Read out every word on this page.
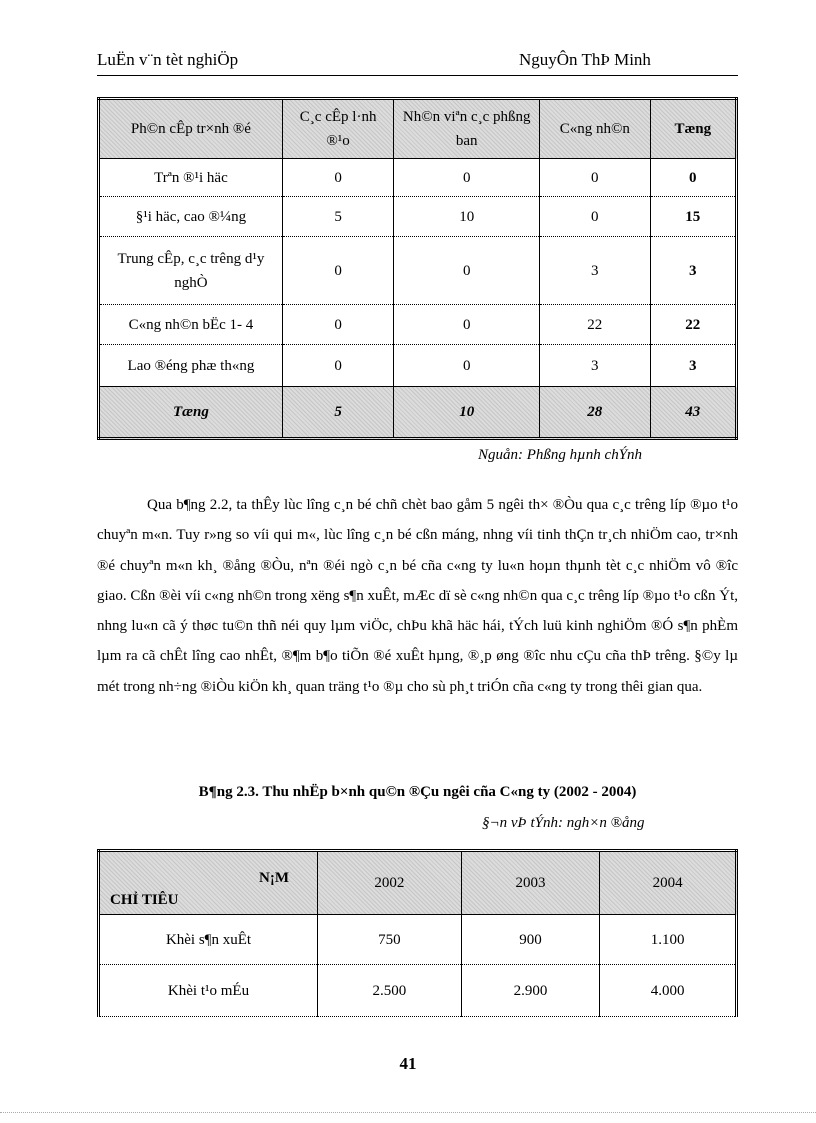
LuËn v¨n tèt nghiÖp	NguyÔn ThÞ Minh
Ph©n cÊp tr×nh ®é	C¸c cÊp l·nh ®¹o	Nh©n viªn c¸c phßng ban	C«ng nh©n	Tæng
Trªn ®¹i häc	0	0	0	0
§¹i häc, cao ®¼ng	5	10	0	15
Trung cÊp, c¸c trêng d¹y nghÒ	0	0	3	3
C«ng nh©n bËc 1- 4	0	0	22	22
Lao ®éng phæ th«ng	0	0	3	3
Tæng	5	10	28	43
Nguån: Phßng hµnh chÝnh

Qua b¶ng 2.2, ta thÊy lùc lîng c¸n bé chñ chèt bao gåm 5 ngêi th× ®Òu qua c¸c trêng líp ®µo t¹o chuyªn m«n. Tuy r»ng so víi qui m«, lùc lîng c¸n bé cßn máng, nhng víi tinh thÇn tr¸ch nhiÖm cao, tr×nh ®é chuyªn m«n kh¸ ®ång ®Òu, nªn ®éi ngò c¸n bé cña c«ng ty lu«n hoµn thµnh tèt c¸c nhiÖm vô ®îc giao. Cßn ®èi víi c«ng nh©n trong xëng s¶n xuÊt, mÆc dï sè c«ng nh©n qua c¸c trêng líp ®µo t¹o cßn Ýt, nhng lu«n cã ý thøc tu©n thñ néi quy lµm viÖc, chÞu khã häc hái, tÝch luü kinh nghiÖm ®Ó s¶n phÈm lµm ra cã chÊt lîng cao nhÊt, ®¶m b¶o tiÕn ®é xuÊt hµng, ®¸p øng ®îc nhu cÇu cña thÞ trêng. §©y lµ mét trong nh÷ng ®iÒu kiÖn kh¸ quan träng t¹o ®µ cho sù ph¸t triÓn cña c«ng ty trong thêi gian qua.

B¶ng 2.3. Thu nhËp b×nh qu©n ®Çu ngêi cña C«ng ty (2002 - 2004)
§¬n vÞ tÝnh: ngh×n ®ång
N¡M
CHỈ TIÊU	2002	2003	2004
Khèi s¶n xuÊt	750	900	1.100
Khèi t¹o mÉu	2.500	2.900	4.000
41
